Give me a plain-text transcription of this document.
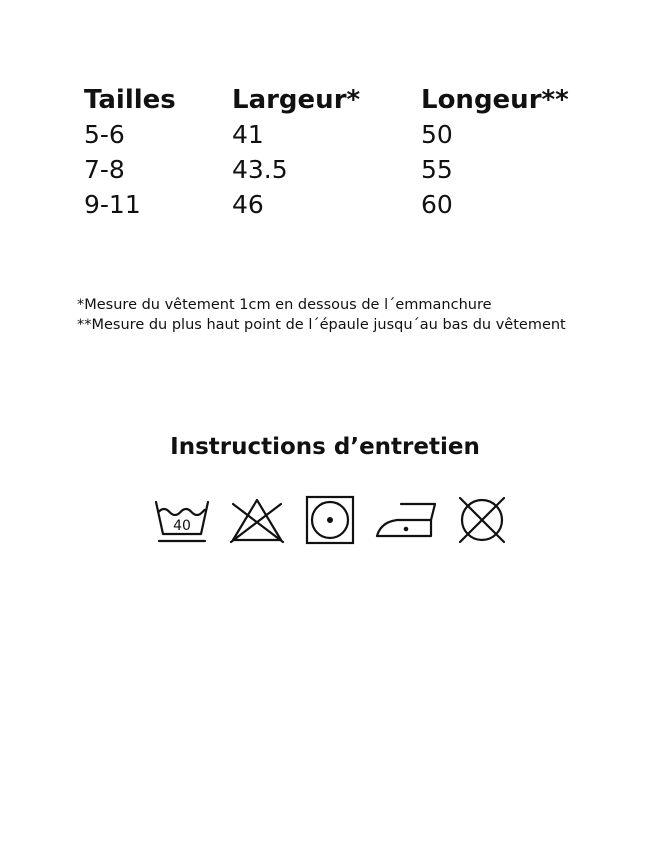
Tailles	Largeur*	Longeur**
5-6	41	50
7-8	43.5	55
9-11	46	60
*Mesure du vêtement 1cm en dessous de l´emmanchure
**Mesure du plus haut point de l´épaule jusqu´au bas du vêtement
Instructions d’entretien
40
